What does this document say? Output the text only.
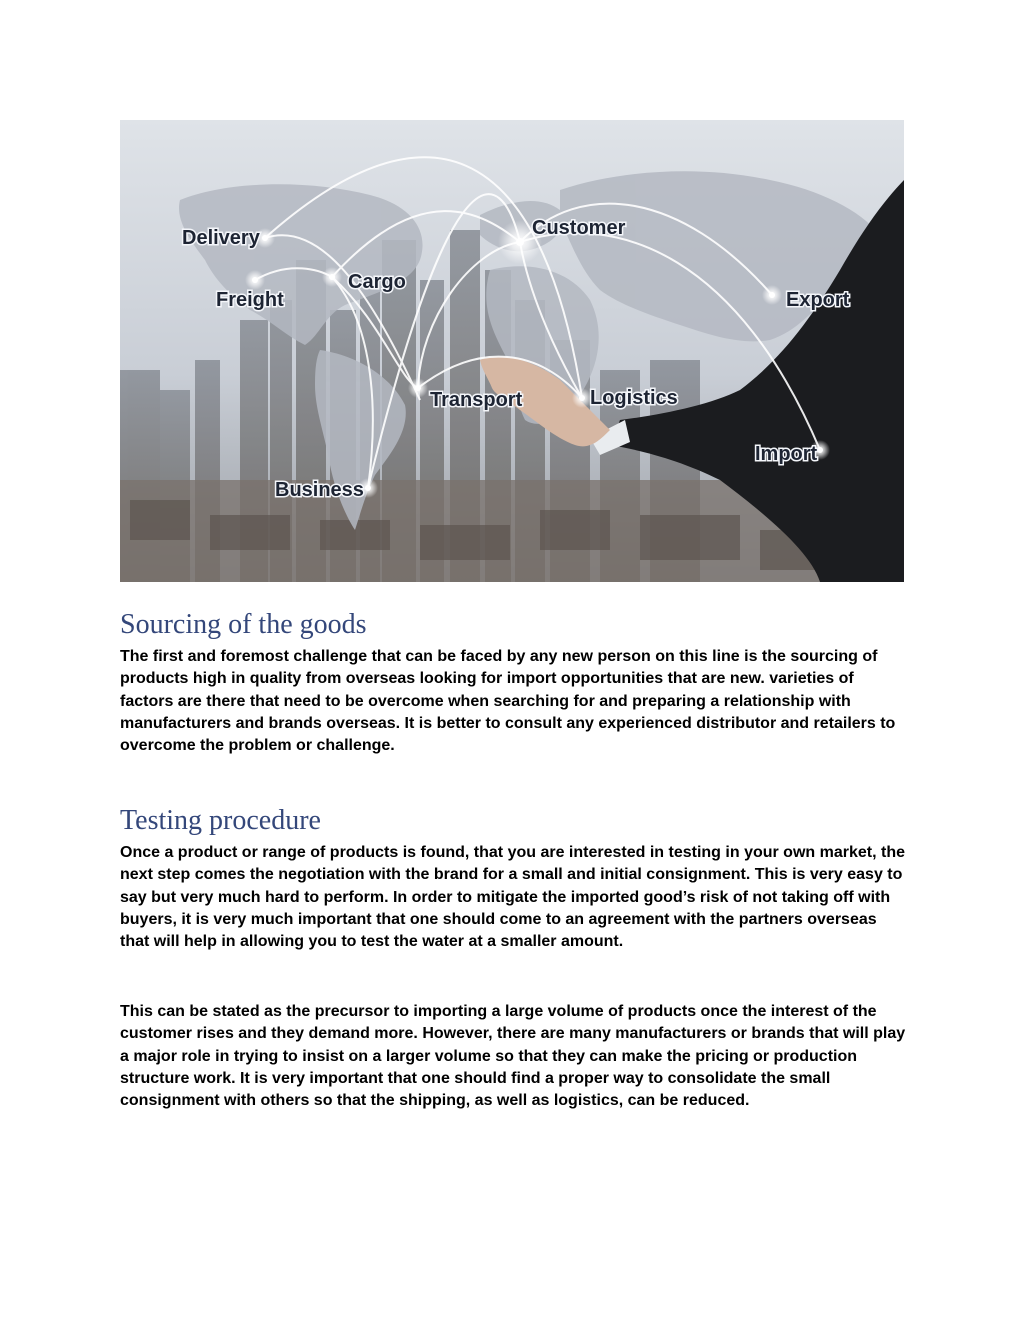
Delivery
Freight
Cargo
Customer
Export
Transport	Logistics
Import
Business
Sourcing of the goods

The first and foremost challenge that can be faced by any new person on this line is the sourcing of products high in quality from overseas looking for import opportunities that are new. varieties of factors are there that need to be overcome when searching for and preparing a relationship with manufacturers and brands overseas. It is better to consult any experienced distributor and retailers to overcome the problem or challenge.

Testing procedure

Once a product or range of products is found, that you are interested in testing in your own market, the next step comes the negotiation with the brand for a small and initial consignment. This is very easy to say but very much hard to perform. In order to mitigate the imported good’s risk of not taking off with buyers, it is very much important that one should come to an agreement with the partners overseas that will help in allowing you to test the water at a smaller amount.

This can be stated as the precursor to importing a large volume of products once the interest of the customer rises and they demand more. However, there are many manufacturers or brands that will play a major role in trying to insist on a larger volume so that they can make the pricing or production structure work. It is very important that one should find a proper way to consolidate the small consignment with others so that the shipping, as well as logistics, can be reduced.
